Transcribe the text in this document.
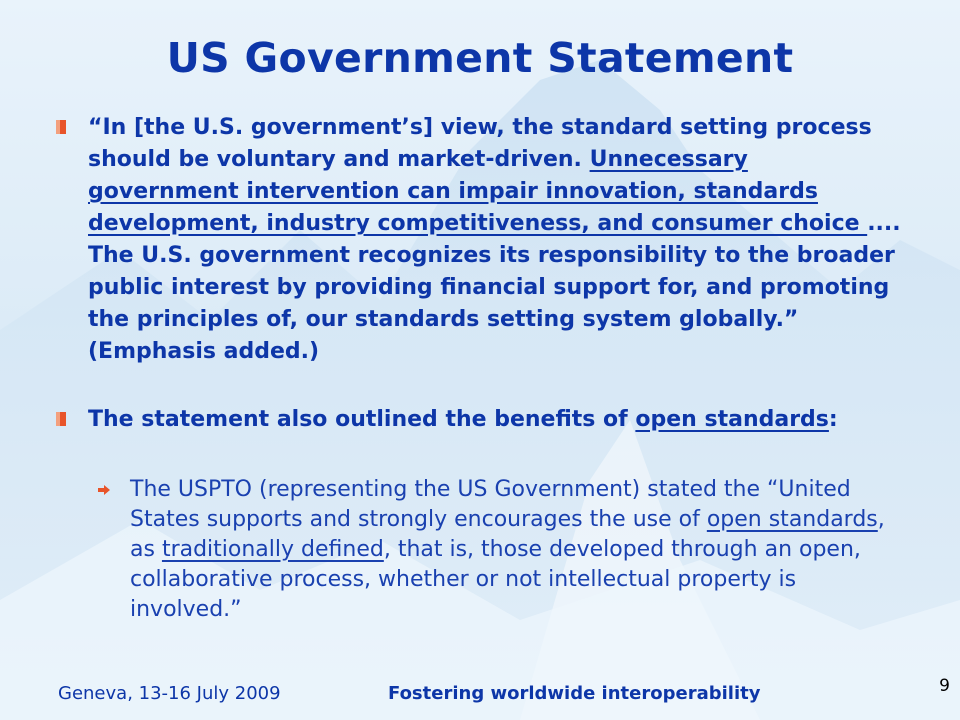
US Government Statement
“In [the U.S. government’s] view, the standard setting process should be voluntary and market-driven. Unnecessary government intervention can impair innovation, standards development, industry competitiveness, and consumer choice .... The U.S. government recognizes its responsibility to the broader public interest by providing financial support for, and promoting the principles of, our standards setting system globally.” (Emphasis added.)
The statement also outlined the benefits of open standards:
The USPTO (representing the US Government) stated the “United States supports and strongly encourages the use of open standards, as traditionally defined, that is, those developed through an open, collaborative process, whether or not intellectual property is involved.”
Geneva, 13-16 July 2009	Fostering worldwide interoperability	9
